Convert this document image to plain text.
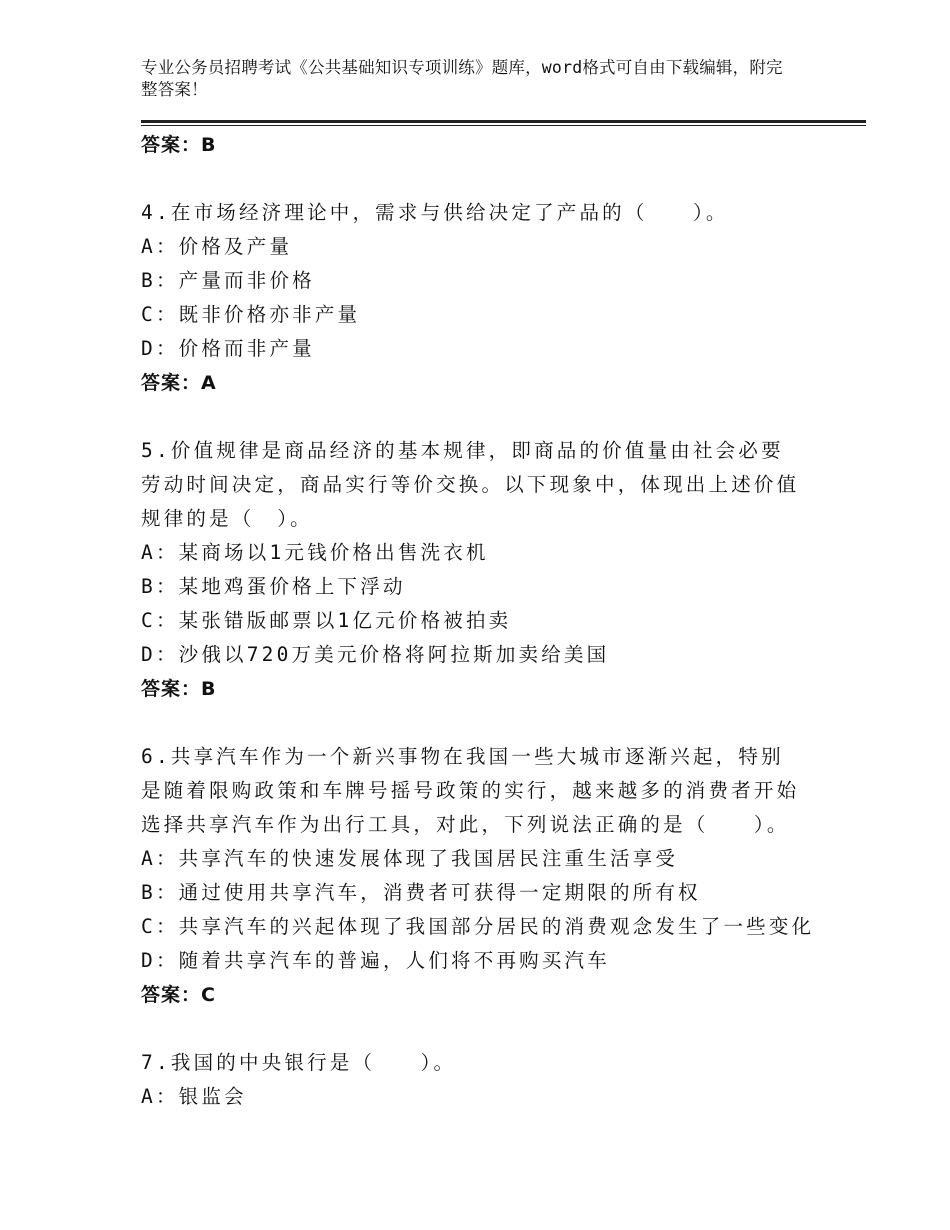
专业公务员招聘考试《公共基础知识专项训练》题库，word格式可自由下载编辑，附完整答案！
答案：B
4.在市场经济理论中，需求与供给决定了产品的（　　）。
A：价格及产量
B：产量而非价格
C：既非价格亦非产量
D：价格而非产量
答案：A
5.价值规律是商品经济的基本规律，即商品的价值量由社会必要劳动时间决定，商品实行等价交换。以下现象中，体现出上述价值规律的是（　）。
A：某商场以1元钱价格出售洗衣机
B：某地鸡蛋价格上下浮动
C：某张错版邮票以1亿元价格被拍卖
D：沙俄以720万美元价格将阿拉斯加卖给美国
答案：B
6.共享汽车作为一个新兴事物在我国一些大城市逐渐兴起，特别是随着限购政策和车牌号摇号政策的实行，越来越多的消费者开始选择共享汽车作为出行工具，对此，下列说法正确的是（　　）。
A：共享汽车的快速发展体现了我国居民注重生活享受
B：通过使用共享汽车，消费者可获得一定期限的所有权
C：共享汽车的兴起体现了我国部分居民的消费观念发生了一些变化
D：随着共享汽车的普遍，人们将不再购买汽车
答案：C
7.我国的中央银行是（　　）。
A：银监会
